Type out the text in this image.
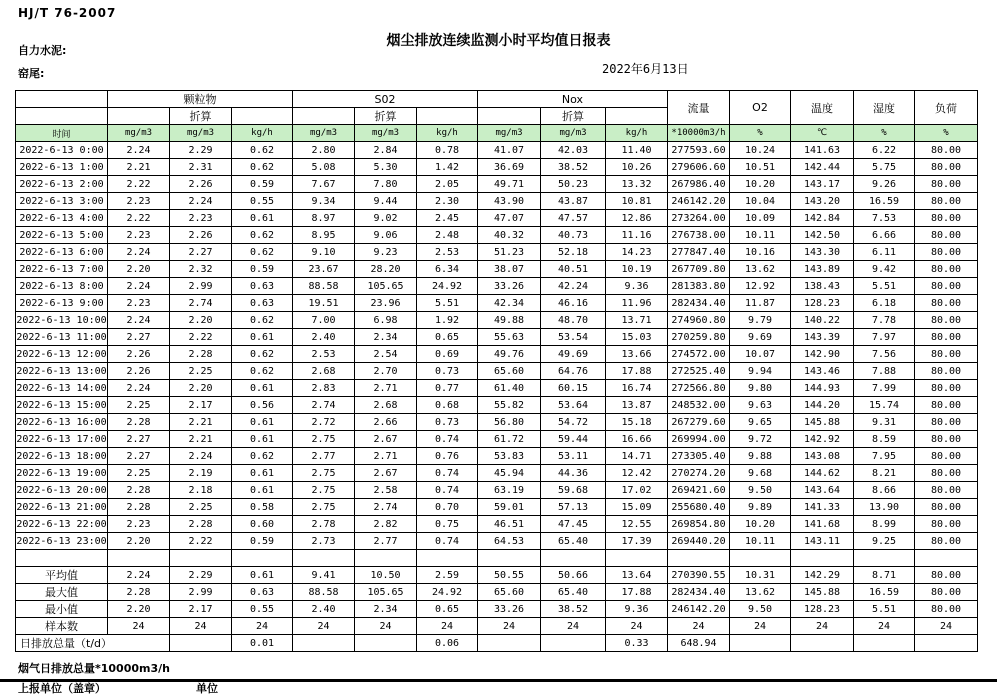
HJ/T 76-2007
烟尘排放连续监测小时平均值日报表
自力水泥:
窑尾:	2022年6月13日
	颗粒物			S02			Nox			流量	O2	温度	湿度	负荷
		折算			折算			折算						
时间	mg/m3	mg/m3	kg/h	mg/m3	mg/m3	kg/h	mg/m3	mg/m3	kg/h	*10000m3/h	%	℃	%	%
2022-6-13 0:00	2.24	2.29	0.62	2.80	2.84	0.78	41.07	42.03	11.40	277593.60	10.24	141.63	6.22	80.00
2022-6-13 1:00	2.21	2.31	0.62	5.08	5.30	1.42	36.69	38.52	10.26	279606.60	10.51	142.44	5.75	80.00
2022-6-13 2:00	2.22	2.26	0.59	7.67	7.80	2.05	49.71	50.23	13.32	267986.40	10.20	143.17	9.26	80.00
2022-6-13 3:00	2.23	2.24	0.55	9.34	9.44	2.30	43.90	43.87	10.81	246142.20	10.04	143.20	16.59	80.00
2022-6-13 4:00	2.22	2.23	0.61	8.97	9.02	2.45	47.07	47.57	12.86	273264.00	10.09	142.84	7.53	80.00
2022-6-13 5:00	2.23	2.26	0.62	8.95	9.06	2.48	40.32	40.73	11.16	276738.00	10.11	142.50	6.66	80.00
2022-6-13 6:00	2.24	2.27	0.62	9.10	9.23	2.53	51.23	52.18	14.23	277847.40	10.16	143.30	6.11	80.00
2022-6-13 7:00	2.20	2.32	0.59	23.67	28.20	6.34	38.07	40.51	10.19	267709.80	13.62	143.89	9.42	80.00
2022-6-13 8:00	2.24	2.99	0.63	88.58	105.65	24.92	33.26	42.24	9.36	281383.80	12.92	138.43	5.51	80.00
2022-6-13 9:00	2.23	2.74	0.63	19.51	23.96	5.51	42.34	46.16	11.96	282434.40	11.87	128.23	6.18	80.00
2022-6-13 10:00	2.24	2.20	0.62	7.00	6.98	1.92	49.88	48.70	13.71	274960.80	9.79	140.22	7.78	80.00
2022-6-13 11:00	2.27	2.22	0.61	2.40	2.34	0.65	55.63	53.54	15.03	270259.80	9.69	143.39	7.97	80.00
2022-6-13 12:00	2.26	2.28	0.62	2.53	2.54	0.69	49.76	49.69	13.66	274572.00	10.07	142.90	7.56	80.00
2022-6-13 13:00	2.26	2.25	0.62	2.68	2.70	0.73	65.60	64.76	17.88	272525.40	9.94	143.46	7.88	80.00
2022-6-13 14:00	2.24	2.20	0.61	2.83	2.71	0.77	61.40	60.15	16.74	272566.80	9.80	144.93	7.99	80.00
2022-6-13 15:00	2.25	2.17	0.56	2.74	2.68	0.68	55.82	53.64	13.87	248532.00	9.63	144.20	15.74	80.00
2022-6-13 16:00	2.28	2.21	0.61	2.72	2.66	0.73	56.80	54.72	15.18	267279.60	9.65	145.88	9.31	80.00
2022-6-13 17:00	2.27	2.21	0.61	2.75	2.67	0.74	61.72	59.44	16.66	269994.00	9.72	142.92	8.59	80.00
2022-6-13 18:00	2.27	2.24	0.62	2.77	2.71	0.76	53.83	53.11	14.71	273305.40	9.88	143.08	7.95	80.00
2022-6-13 19:00	2.25	2.19	0.61	2.75	2.67	0.74	45.94	44.36	12.42	270274.20	9.68	144.62	8.21	80.00
2022-6-13 20:00	2.28	2.18	0.61	2.75	2.58	0.74	63.19	59.68	17.02	269421.60	9.50	143.64	8.66	80.00
2022-6-13 21:00	2.28	2.25	0.58	2.75	2.74	0.70	59.01	57.13	15.09	255680.40	9.89	141.33	13.90	80.00
2022-6-13 22:00	2.23	2.28	0.60	2.78	2.82	0.75	46.51	47.45	12.55	269854.80	10.20	141.68	8.99	80.00
2022-6-13 23:00	2.20	2.22	0.59	2.73	2.77	0.74	64.53	65.40	17.39	269440.20	10.11	143.11	9.25	80.00

平均值	2.24	2.29	0.61	9.41	10.50	2.59	50.55	50.66	13.64	270390.55	10.31	142.29	8.71	80.00
最大值	2.28	2.99	0.63	88.58	105.65	24.92	65.60	65.40	17.88	282434.40	13.62	145.88	16.59	80.00
最小值	2.20	2.17	0.55	2.40	2.34	0.65	33.26	38.52	9.36	246142.20	9.50	128.23	5.51	80.00
样本数	24	24	24	24	24	24	24	24	24	24	24	24	24	24
日排放总量（t/d）			0.01			0.06			0.33	648.94				
烟气日排放总量*10000m3/h
上报单位（盖章）	单位
